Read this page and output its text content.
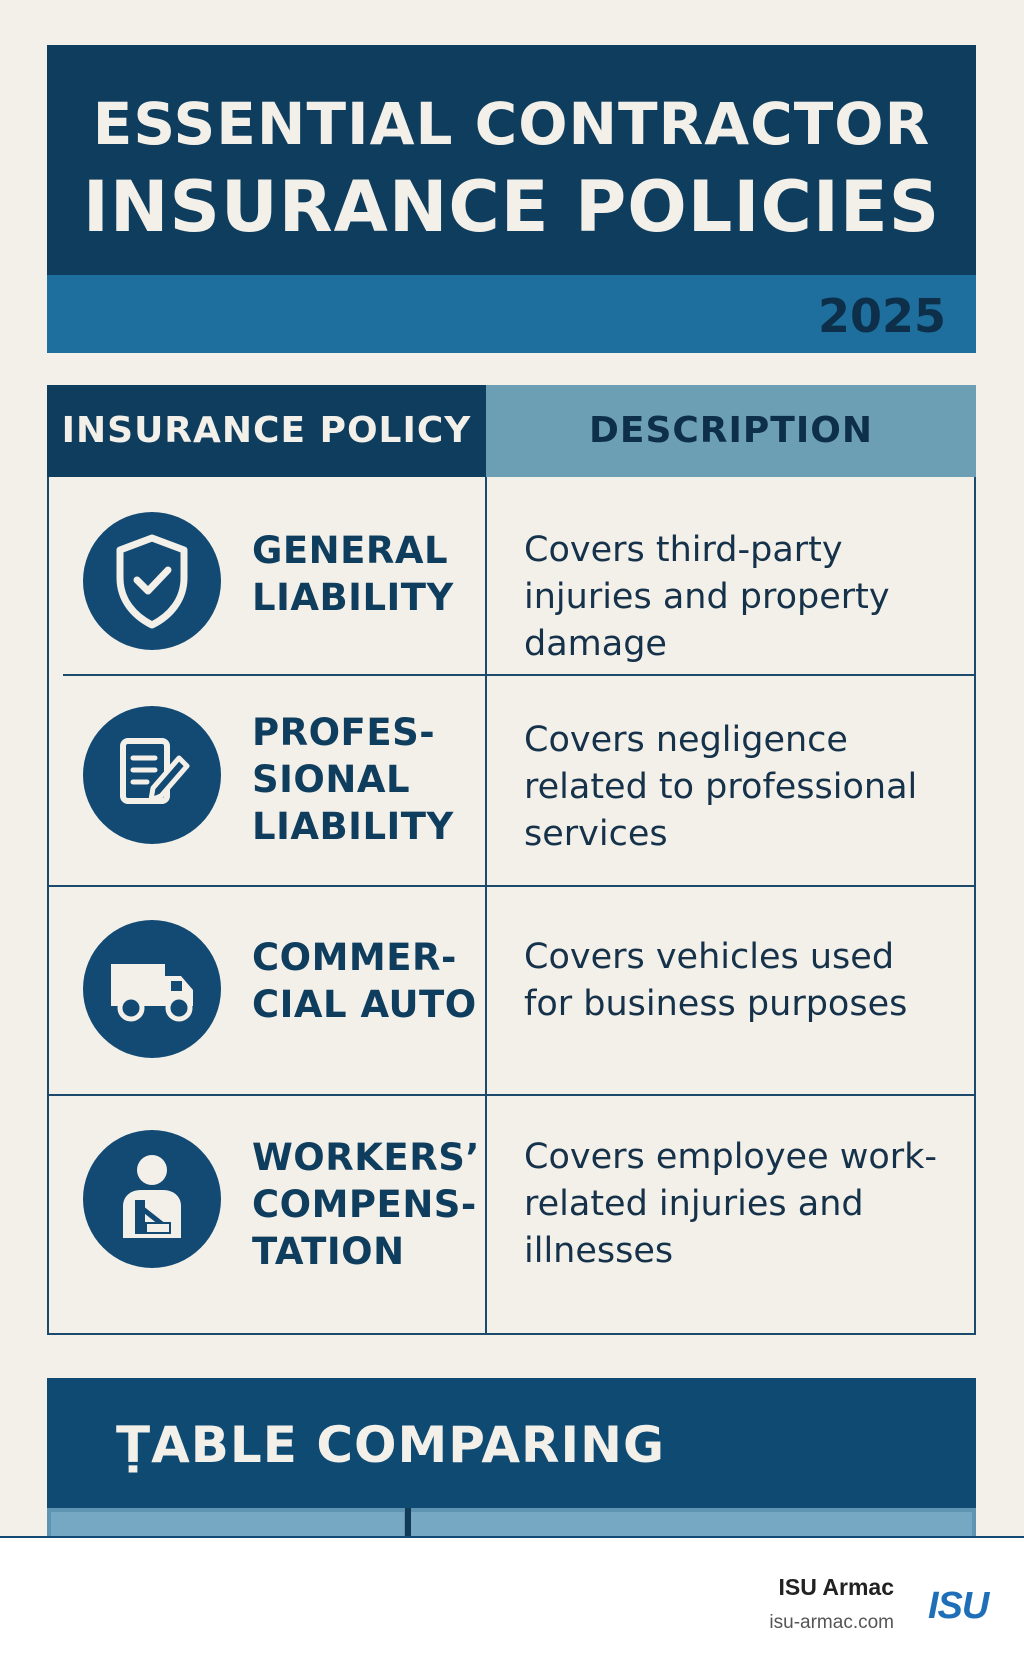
ESSENTIAL CONTRACTOR
INSURANCE POLICIES
2025
INSURANCE POLICY	DESCRIPTION
GENERAL
LIABILITY
Covers third-party
injuries and property
damage
PROFES-
SIONAL
LIABILITY
Covers negligence
related to professional
services
COMMER-
CIAL AUTO
Covers vehicles used
for business purposes
WORKERS’
COMPENS-
TATION
Covers employee work-
related injuries and
illnesses
ṬABLE COMPARING
ISU Armac
isu-armac.com ISU
